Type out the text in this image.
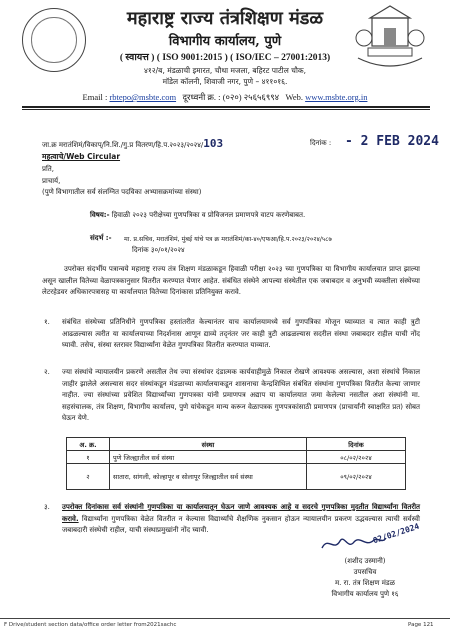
महाराष्ट्र राज्य तंत्रशिक्षण मंडळ
विभागीय कार्यालय, पुणे
( स्वायत्त ) ( ISO 9001:2015 ) ( ISO/IEC – 27001:2013)
४१२/ब, मंडळाची इमारत, चौथा मजला, बहिरट पाटील चौक,
मॉडेल कॉलनी, शिवाजी नगर, पुणे – ४११०१६.
Email : rbtepo@msbte.com दूरध्वनी क्र. : (०२०) २५६५६९९४ Web. www.msbte.org.in
जा.क्र मरातंशिमं/विकाप्/नि.शि./गु.प्र वितरण/हि.प.२०२३/२०२४/103	दिनांक : - 2 FEB 2024
महत्वाचे/Web Circular
प्रति,
प्राचार्य,
(पुणे विभागातील सर्व संलग्नित पदविका अभ्यासक्रमांच्या संस्था)
विषय:- हिवाळी २०२३ परीक्षेच्या गुणपत्रिका व प्रोविजनल प्रमाणपत्रे वाटप करणेबाबत.
संदर्भ :- मा. प्र.सचिव, मरातंशिमं, मुंबई यांचे पत्र क्र मरातंशिमं/का-४०/एफआ/हि.प.२०२३/२०२४/५८७
दिनांक ३०/०१/२०२४
उपरोक्त संदर्भीय पत्रान्वये महाराष्ट्र राज्य तंत्र शिक्षण मंडळाकडून हिवाळी परीक्षा २०२३ च्या गुणपत्रिका या विभागीय कार्यालयात प्राप्त झाल्या असून खालील वितेच्या वेळापत्रकानुसार वितरीत करण्यात येणार आहेत. संबंधित संस्थेने आपल्या संस्थेतील एक जबाबदार व अनुभवी व्यक्तीला संस्थेच्या लेटरहेडवर अधिकारपत्रासह या कार्यालयात वितेच्या दिनांकास प्रतिनियुक्त करावे.
१. संबंधित संस्थेच्या प्रतिनिधीने गुणपत्रिका हस्तांतरीत केल्यानंतर याच कार्यालयामध्ये सर्व गुणपत्रिका मोजून घ्याव्यात व त्यात काही त्रुटी आढळल्यास त्वरीत या कार्यालयाच्या निदर्शनास आणून द्याव्ये तद्नंतर जर काही त्रुटी आढळल्यास सदरील संस्था जबाबदार राहील याची नोंद घ्यावी. तसेच, संस्था स्तरावर विद्यार्थ्यांना वेळेत गुणपत्रिका वितरीत करण्यात याव्यात.
२. ज्या संस्थांचे न्यायालयीन प्रकरणे असतील तेथ ज्या संस्थांवर दंडात्मक कार्यवाहीमुळे निकाल रोखणे आवश्यक असल्यास, अशा संस्थांचे निकाल जाहीर झालेले असल्यास सदर संस्थांकडून मंडळाच्या कार्यालयाकडून शासनाचा केन्द्रशिथिल संबंधित संस्थांना गुणपत्रिका वितरीत केल्या जाणार नाहीत. ज्या संस्थांच्या प्रवेशित विद्यार्थ्यांच्या गुणपत्रका यांनी प्रमाणपत्र अद्याप या कार्यालयात जमा केलेल्या नसतील अशा संस्थांनी मा. सहसंचालक, तंत्र शिक्षण, विभागीय कार्यालय, पुणे यांचेकडून मान्य करून वेळापत्रक गुणपत्रकांसाठी प्रमाणपत्र (प्राचार्यांनी स्वाक्षरित प्रत) सोबत घेऊन येणे.
अ. क्र.	संस्था	दिनांक
१	पुणे जिल्ह्यातील सर्व संस्था	०८/०२/२०२४
२	सातारा, सांगली, कोल्हापूर व सोलापूर जिल्ह्यातील सर्व संस्था	०९/०२/२०२४
३. उपरोक्त दिनांकास सर्व संस्थांनी गुणपत्रिका या कार्यालयातून घेऊन जाणे आवश्यक आहे व सदरचे गुणपत्रिका मुदतीत विद्यार्थ्यांना वितरीत करावे. विद्यार्थ्यांना गुणपत्रिका वेळेत वितरीत न केल्यास विद्यार्थ्यांचे शैक्षणिक नुकसान होऊन न्यायालयीन प्रकरण उद्भवल्यास त्याची सर्वस्वी जबाबदारी संस्थेची राहील, याची संस्थाप्रमुखांनी नोंद घ्यावी.	02/02/2024
(शशीद उस्मानी)
उपसचिव
म. रा. तंत्र शिक्षण मंडळ
विभागीय कार्यालय पुणे १६
F Drive/student section data/office order letter from2021sachc	Page 121
